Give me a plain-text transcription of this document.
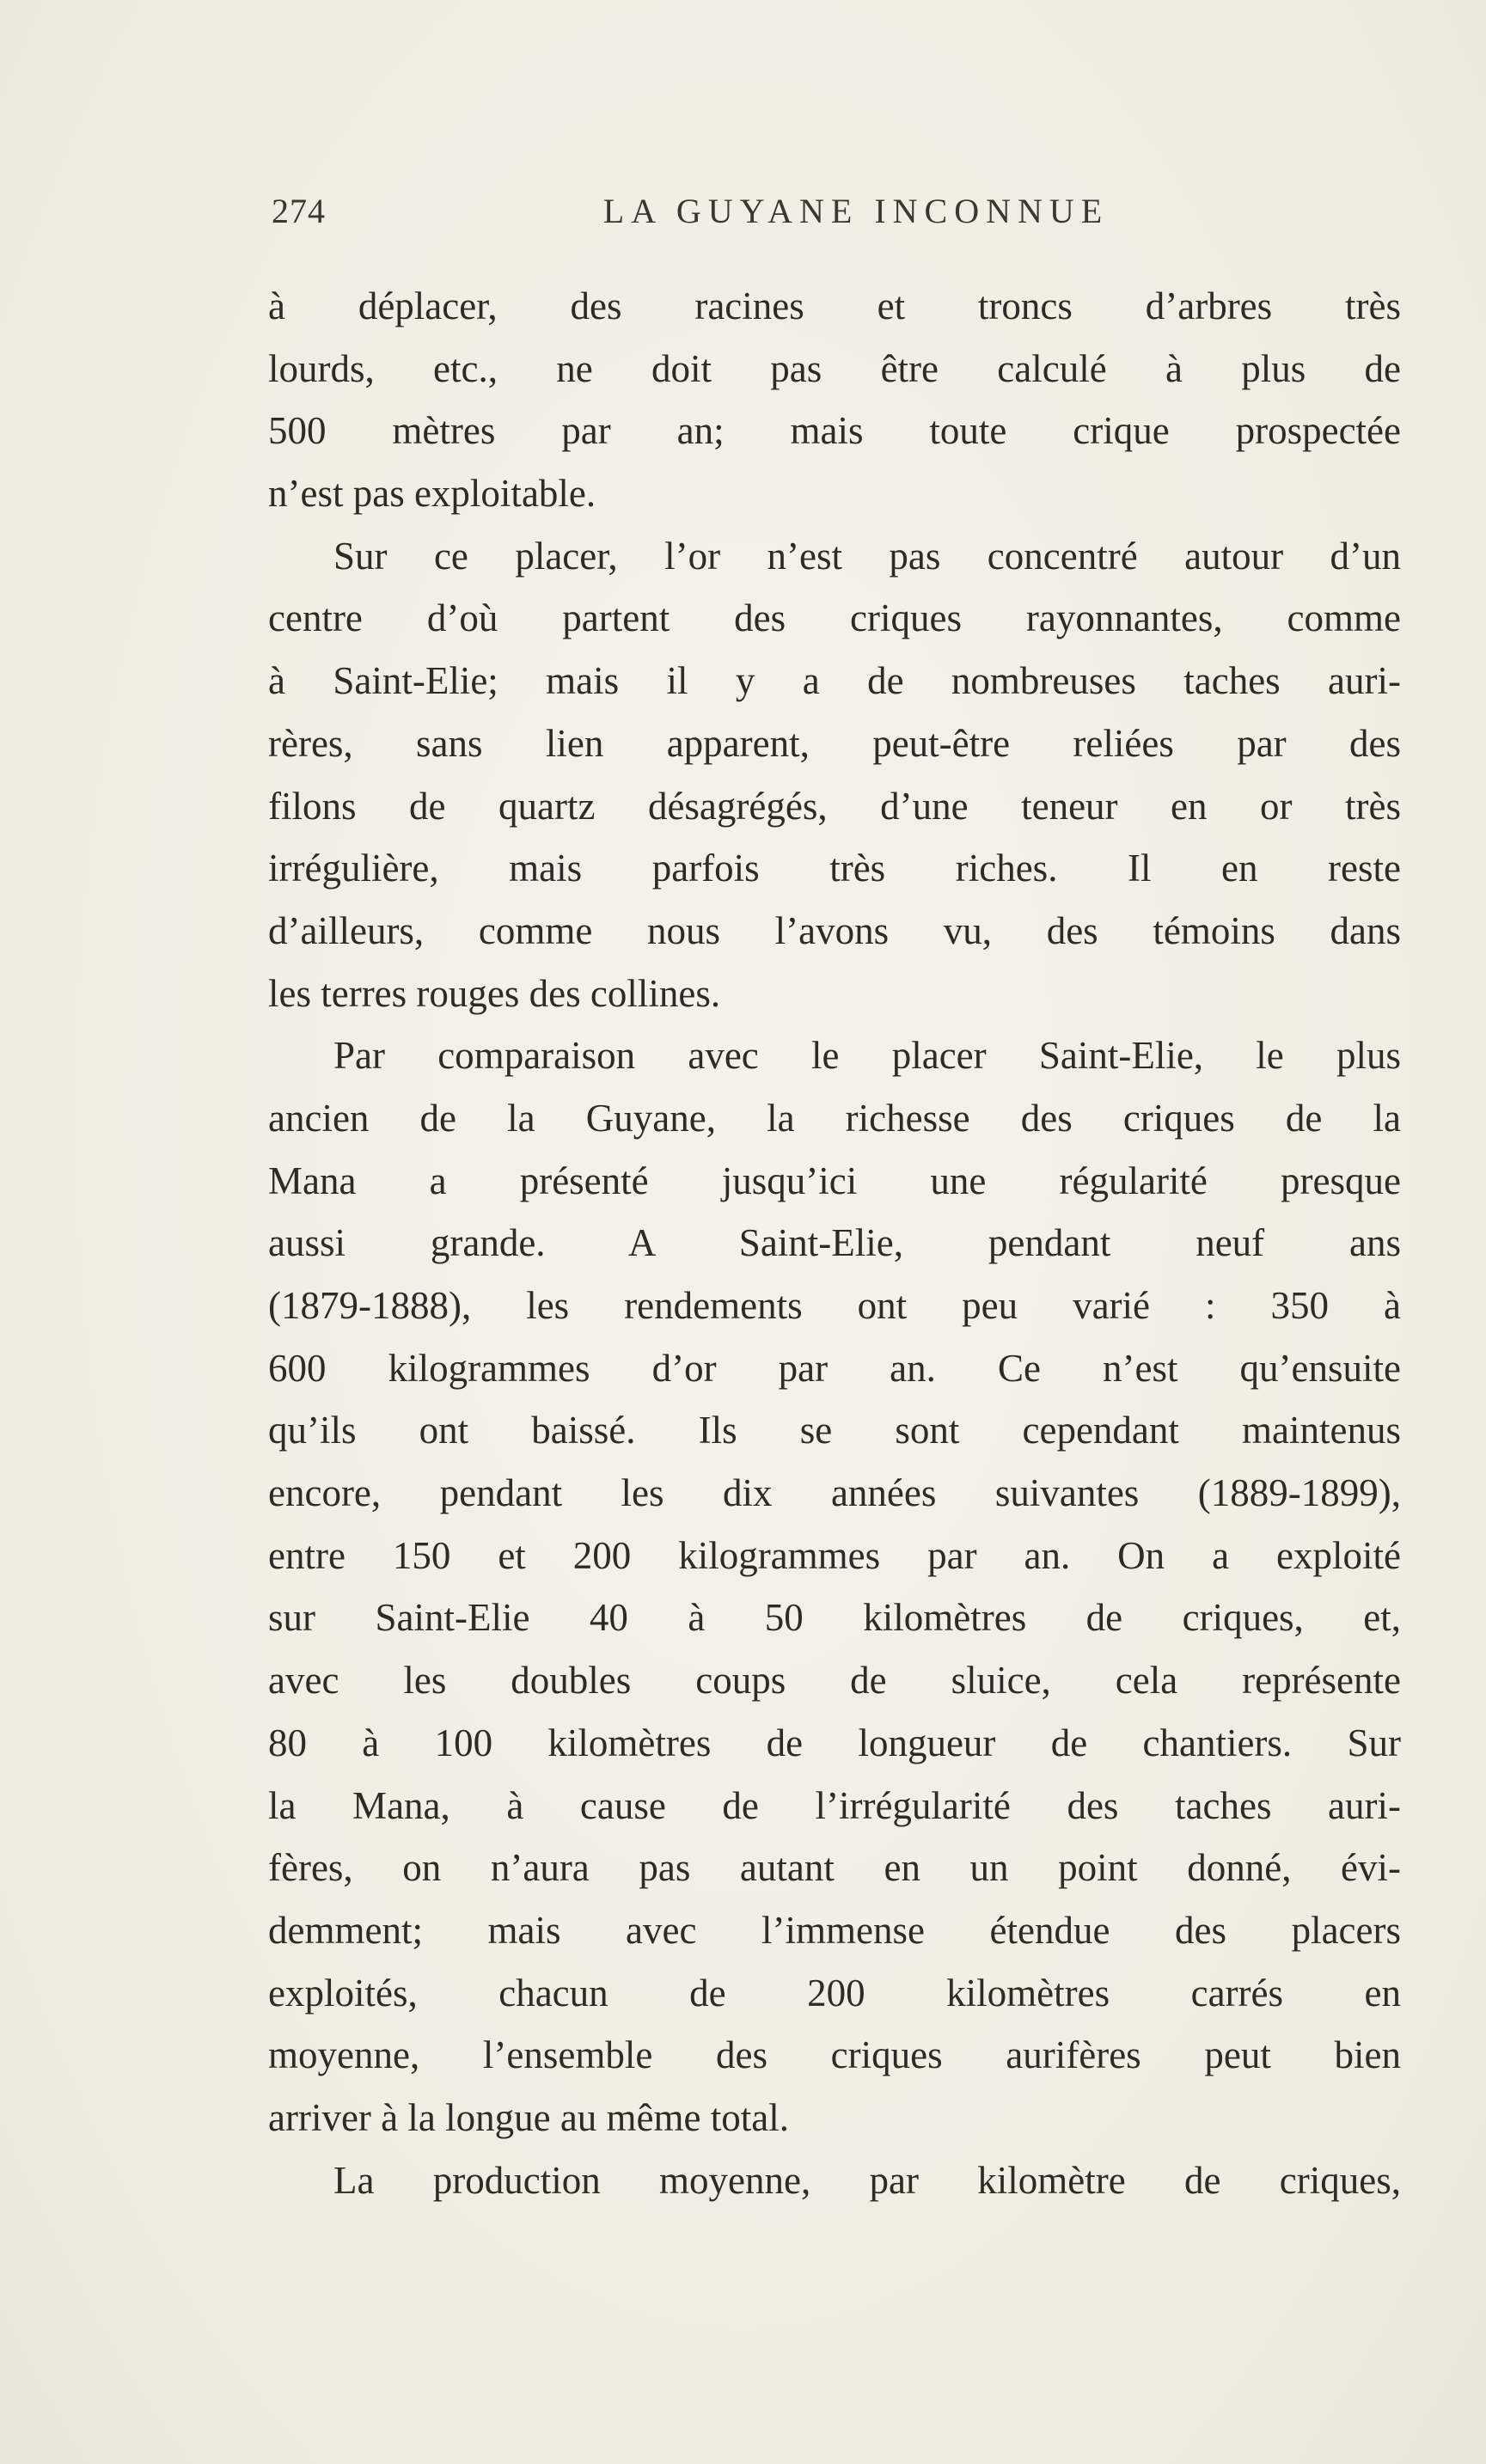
274	LA GUYANE INCONNUE
à déplacer, des racines et troncs d’arbres très
lourds, etc., ne doit pas être calculé à plus de
500 mètres par an; mais toute crique prospectée
n’est pas exploitable.
Sur ce placer, l’or n’est pas concentré autour d’un
centre d’où partent des criques rayonnantes, comme
à Saint-Elie; mais il y a de nombreuses taches auri-
rères, sans lien apparent, peut-être reliées par des
filons de quartz désagrégés, d’une teneur en or très
irrégulière, mais parfois très riches. Il en reste
d’ailleurs, comme nous l’avons vu, des témoins dans
les terres rouges des collines.
Par comparaison avec le placer Saint-Elie, le plus
ancien de la Guyane, la richesse des criques de la
Mana a présenté jusqu’ici une régularité presque
aussi grande. A Saint-Elie, pendant neuf ans
(1879-1888), les rendements ont peu varié : 350 à
600 kilogrammes d’or par an. Ce n’est qu’ensuite
qu’ils ont baissé. Ils se sont cependant maintenus
encore, pendant les dix années suivantes (1889-1899),
entre 150 et 200 kilogrammes par an. On a exploité
sur Saint-Elie 40 à 50 kilomètres de criques, et,
avec les doubles coups de sluice, cela représente
80 à 100 kilomètres de longueur de chantiers. Sur
la Mana, à cause de l’irrégularité des taches auri-
fères, on n’aura pas autant en un point donné, évi-
demment; mais avec l’immense étendue des placers
exploités, chacun de 200 kilomètres carrés en
moyenne, l’ensemble des criques aurifères peut bien
arriver à la longue au même total.
La production moyenne, par kilomètre de criques,
